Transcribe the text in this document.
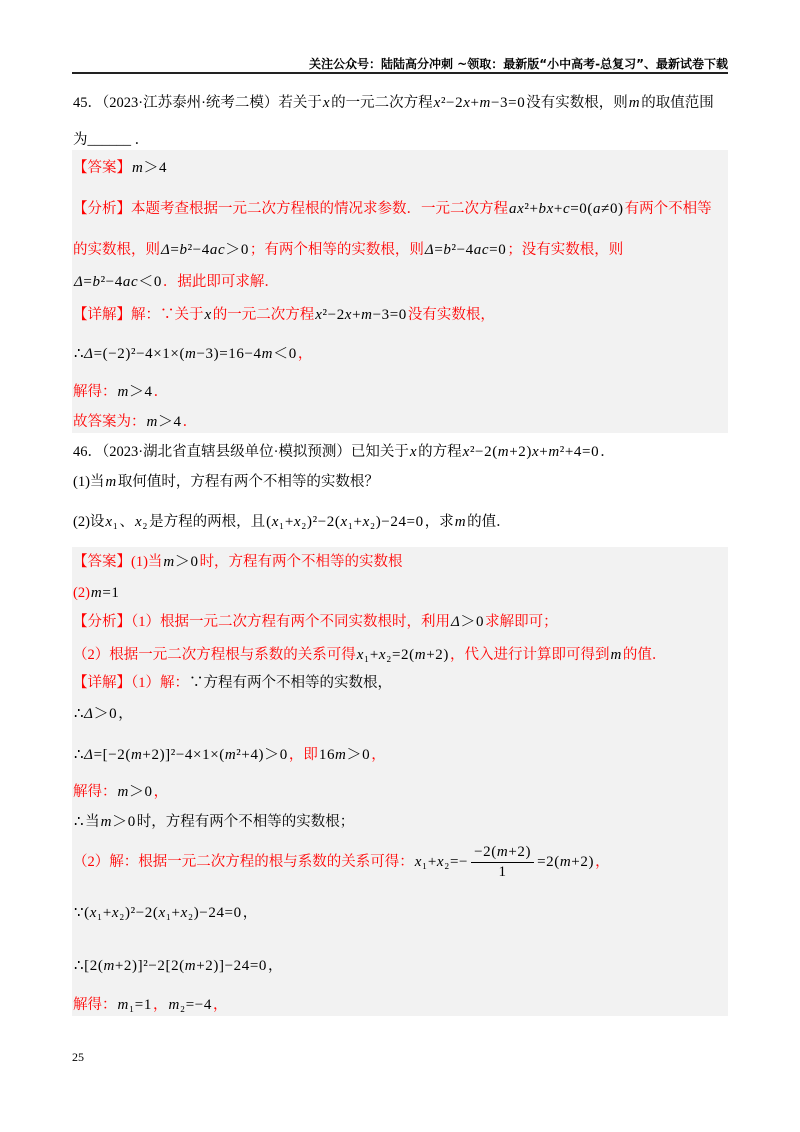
关注公众号：陆陆高分冲刺 ~领取：最新版“小中高考-总复习”、最新试卷下载
45．（2023·江苏泰州·统考二模）若关于x的一元二次方程x²−2x+m−3=0没有实数根，则m的取值范围
为______ ．
【答案】m＞4
【分析】本题考查根据一元二次方程根的情况求参数．一元二次方程ax²+bx+c=0(a≠0)有两个不相等
的实数根，则Δ=b²−4ac＞0；有两个相等的实数根，则Δ=b²−4ac=0；没有实数根，则
Δ=b²−4ac＜0．据此即可求解．
【详解】解：∵关于x的一元二次方程x²−2x+m−3=0没有实数根，
∴Δ=(−2)²−4×1×(m−3)=16−4m＜0，
解得：m＞4．
故答案为：m＞4．
46．（2023·湖北省直辖县级单位·模拟预测）已知关于x的方程x²−2(m+2)x+m²+4=0．
(1)当m取何值时，方程有两个不相等的实数根？
(2)设x₁、x₂是方程的两根，且(x₁+x₂)²−2(x₁+x₂)−24=0，求m的值．
【答案】(1)当m＞0时，方程有两个不相等的实数根
(2)m=1
【分析】（1）根据一元二次方程有两个不同实数根时，利用Δ＞0求解即可；
（2）根据一元二次方程根与系数的关系可得x₁+x₂=2(m+2)，代入进行计算即可得到m的值．
【详解】（1）解：∵方程有两个不相等的实数根，
∴Δ＞0，
∴Δ=[−2(m+2)]²−4×1×(m²+4)＞0，即16m＞0，
解得：m＞0，
∴当m＞0时，方程有两个不相等的实数根；
（2）解：根据一元二次方程的根与系数的关系可得：$x_1+x_2=- \frac{-2(m+2)}{1} =2(m+2)$，
∵(x₁+x₂)²−2(x₁+x₂)−24=0，
∴[2(m+2)]²−2[2(m+2)]−24=0，
解得：m₁=1，m₂=−4，
25
